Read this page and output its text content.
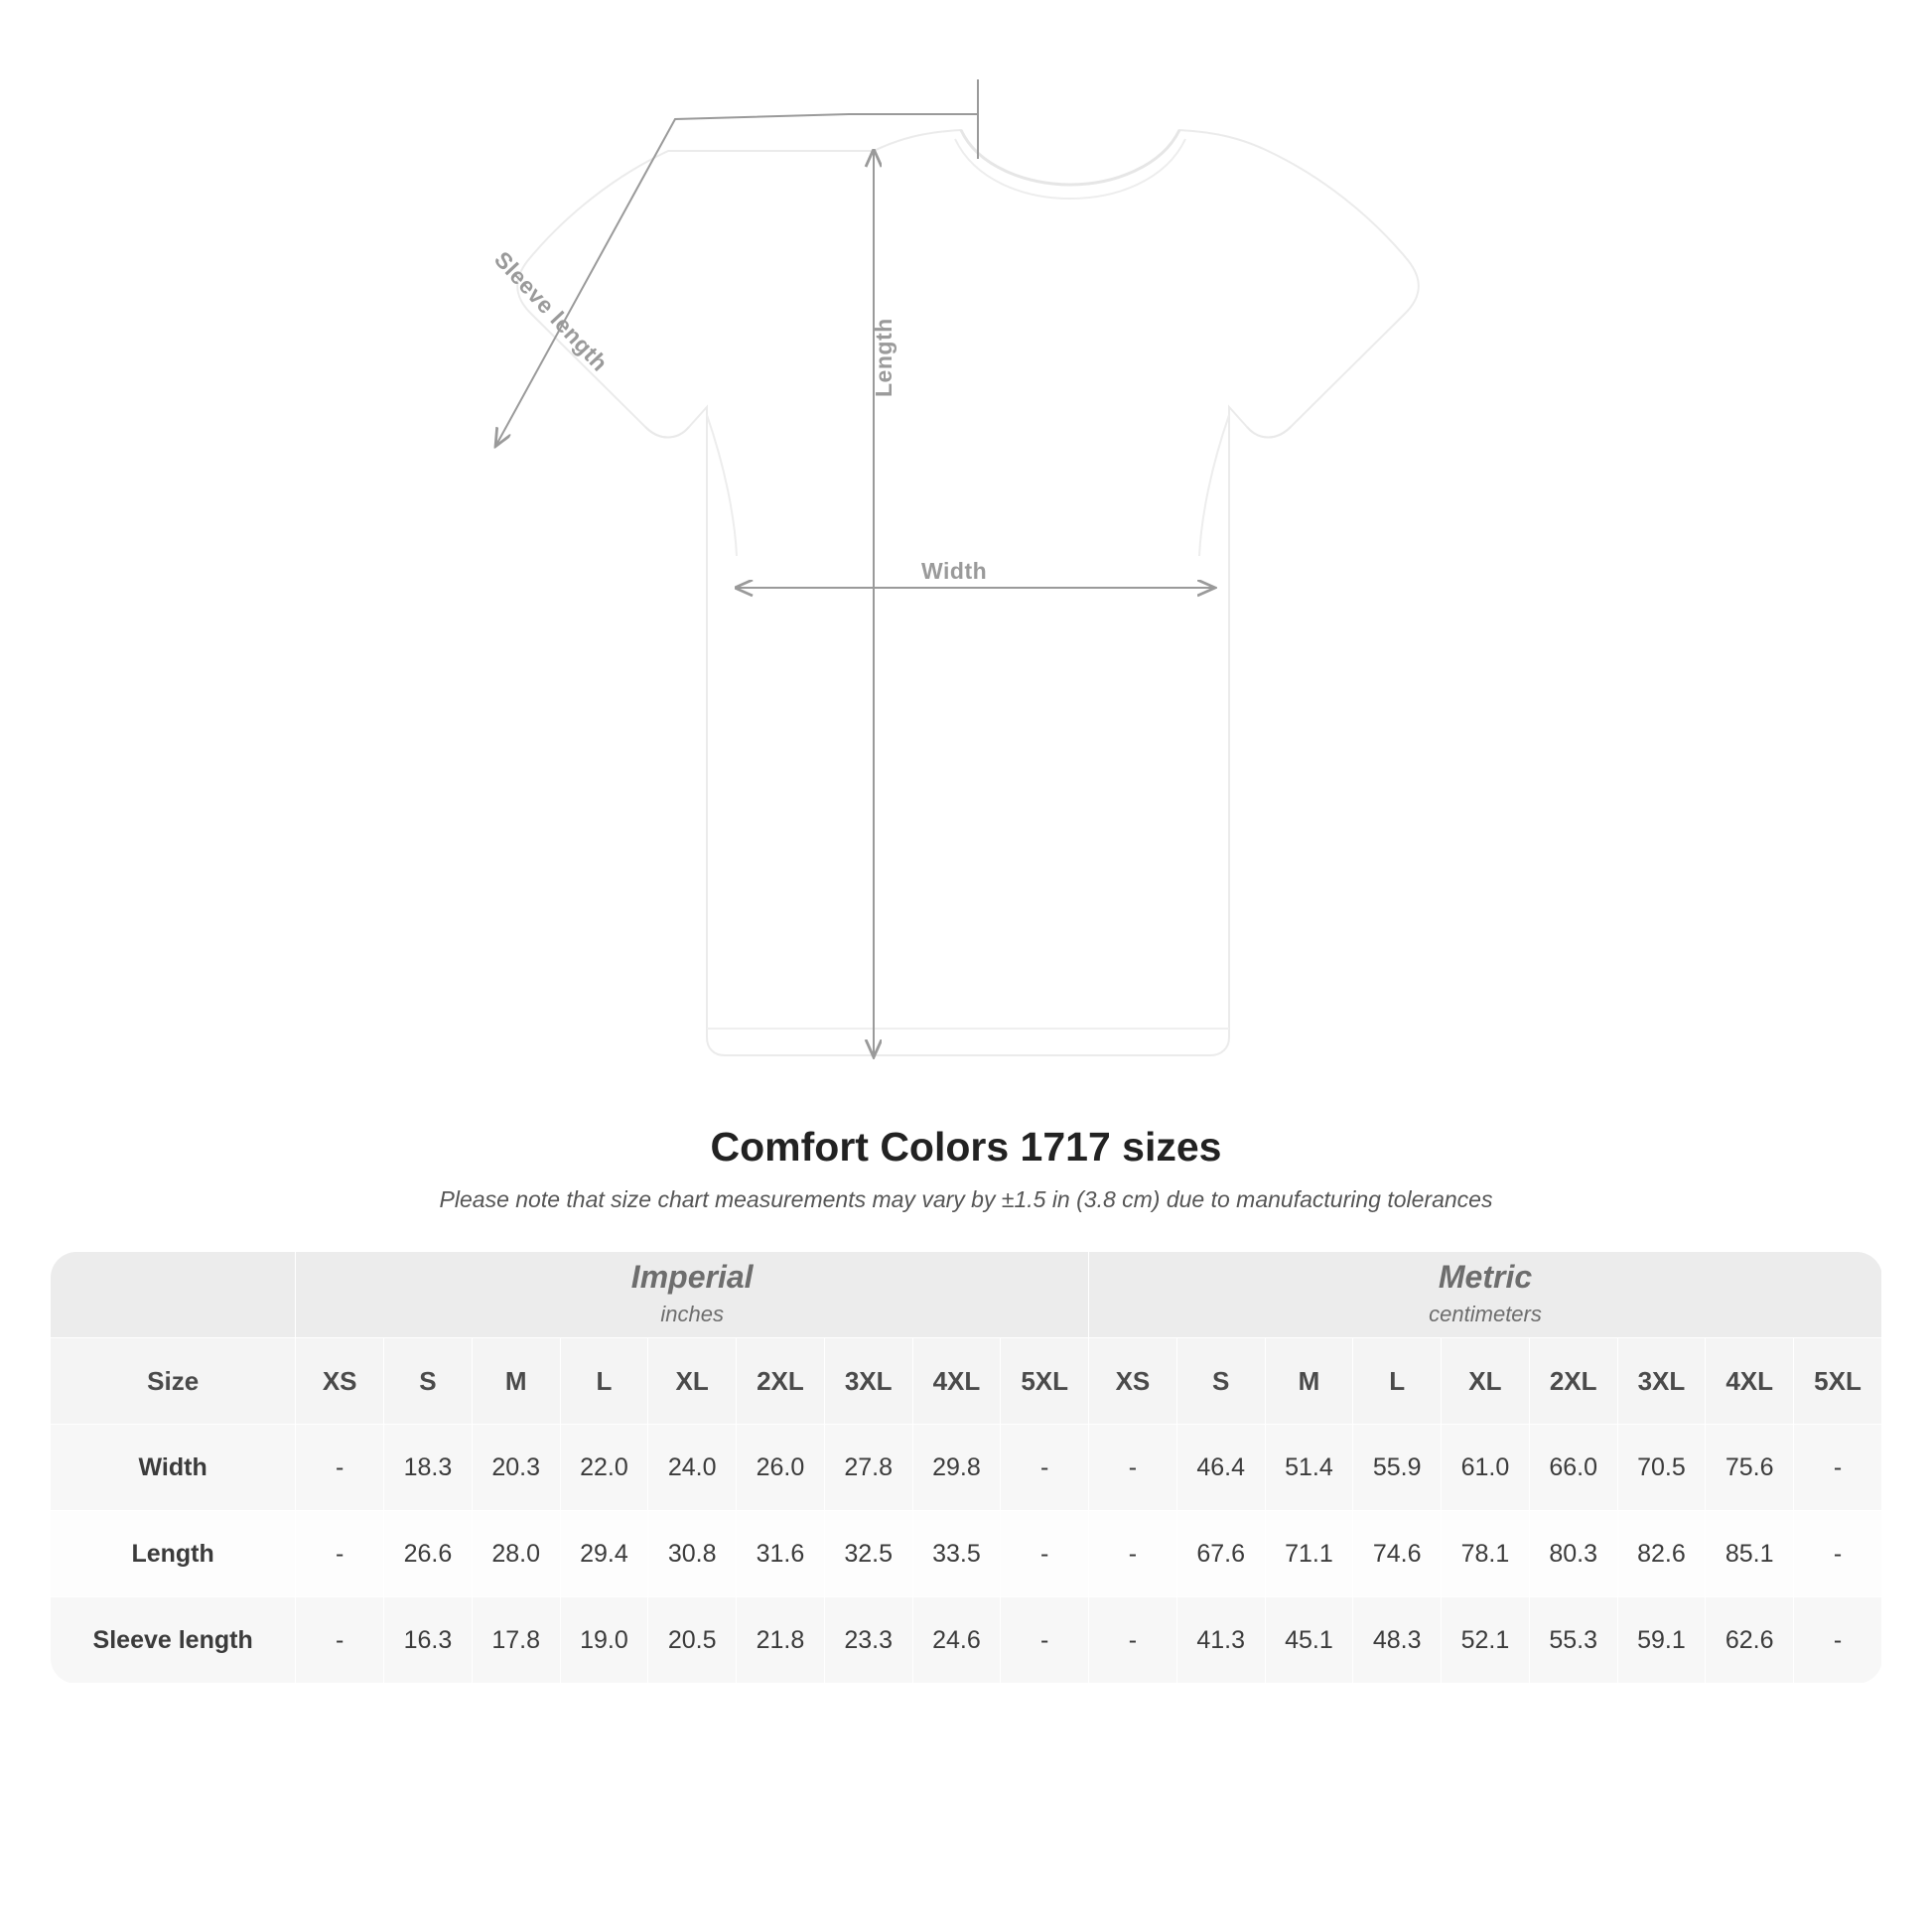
Length
Width
Sleeve length
Comfort Colors 1717 sizes

Please note that size chart measurements may vary by ±1.5 in (3.8 cm) due to manufacturing tolerances

Imperial
inches

Metric
centimeters

Size	XS	S	M	L	XL	2XL	3XL	4XL	5XL	XS	S	M	L	XL	2XL	3XL	4XL	5XL
Width	-	18.3	20.3	22.0	24.0	26.0	27.8	29.8	-	-	46.4	51.4	55.9	61.0	66.0	70.5	75.6	-
Length	-	26.6	28.0	29.4	30.8	31.6	32.5	33.5	-	-	67.6	71.1	74.6	78.1	80.3	82.6	85.1	-
Sleeve length	-	16.3	17.8	19.0	20.5	21.8	23.3	24.6	-	-	41.3	45.1	48.3	52.1	55.3	59.1	62.6	-
